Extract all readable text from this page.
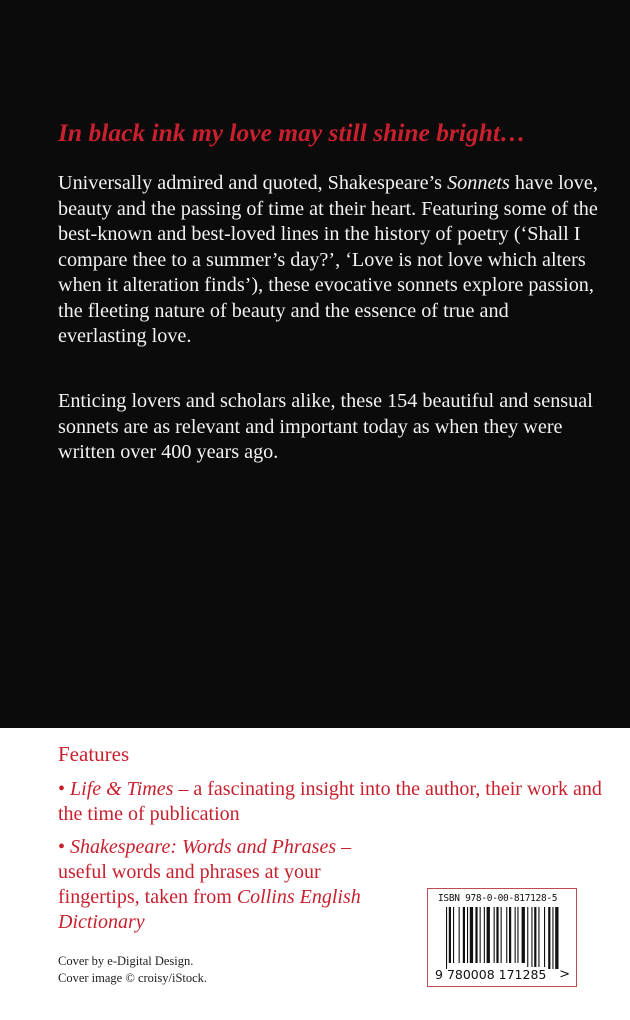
In black ink my love may still shine bright…
Universally admired and quoted, Shakespeare’s Sonnets have love, beauty and the passing of time at their heart. Featuring some of the best-known and best-loved lines in the history of poetry (‘Shall I compare thee to a summer’s day?’, ‘Love is not love which alters when it alteration finds’), these evocative sonnets explore passion, the fleeting nature of beauty and the essence of true and everlasting love.
Enticing lovers and scholars alike, these 154 beautiful and sensual sonnets are as relevant and important today as when they were written over 400 years ago.
Features
• Life & Times – a fascinating insight into the author, their work and the time of publication
• Shakespeare: Words and Phrases – useful words and phrases at your fingertips, taken from Collins English Dictionary
Cover by e-Digital Design.
Cover image © croisy/iStock.
ISBN 978-0-00-817128-5
9 780008 171285 >
